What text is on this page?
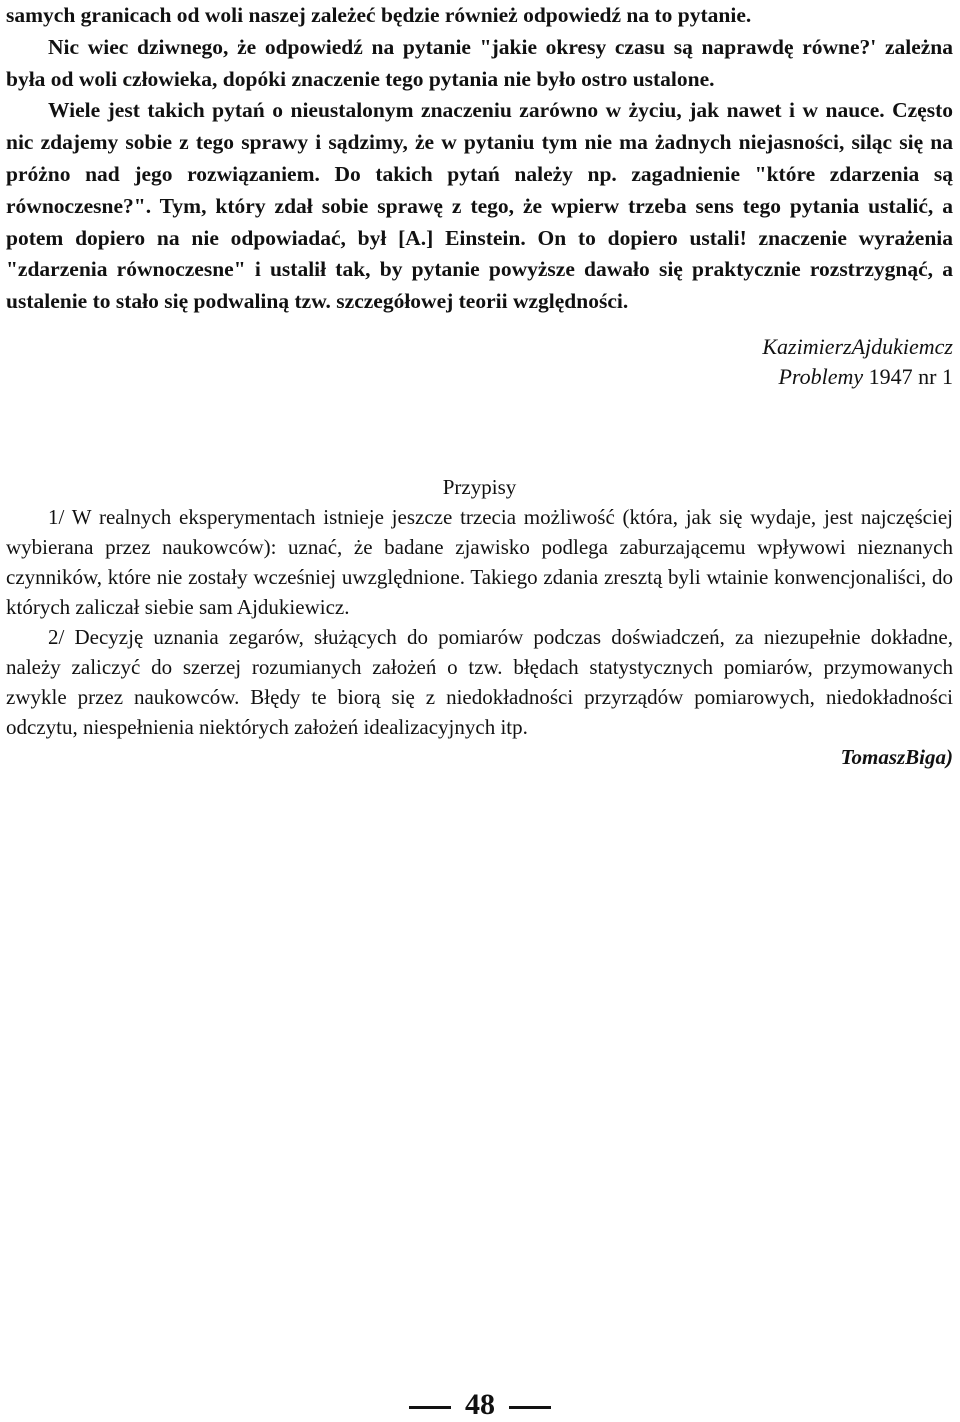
samych granicach od woli naszej zależeć będzie również odpowiedź na to pytanie.

Nic wiec dziwnego, że odpowiedź na pytanie "jakie okresy czasu są naprawdę równe?' zależna była od woli człowieka, dopóki znaczenie tego pytania nie było ostro ustalone.

Wiele jest takich pytań o nieustalonym znaczeniu zarówno w życiu, jak nawet i w nauce. Często nic zdajemy sobie z tego sprawy i sądzimy, że w pytaniu tym nie ma żadnych niejasności, siląc się na próżno nad jego rozwiązaniem. Do takich pytań należy np. zagadnienie "które zdarzenia są równoczesne?". Tym, który zdał sobie sprawę z tego, że wpierw trzeba sens tego pytania ustalić, a potem dopiero na nie odpowiadać, był [A.] Einstein. On to dopiero ustali! znaczenie wyrażenia "zdarzenia równoczesne" i ustalił tak, by pytanie powyższe dawało się praktycznie rozstrzygnąć, a ustalenie to stało się podwaliną tzw. szczegółowej teorii względności.

KazimierzAjdukiemcz
Problemy 1947 nr 1
Przypisy

1/ W realnych eksperymentach istnieje jeszcze trzecia możliwość (która, jak się wydaje, jest najczęściej wybierana przez naukowców): uznać, że badane zjawisko podlega zaburzającemu wpływowi nieznanych czynników, które nie zostały wcześniej uwzględnione. Takiego zdania zresztą byli wtainie konwencjonaliści, do których zaliczał siebie sam Ajdukiewicz.

2/ Decyzję uznania zegarów, służących do pomiarów podczas doświadczeń, za niezupełnie dokładne, należy zaliczyć do szerzej rozumianych założeń o tzw. błędach statystycznych pomiarów, przymowanych zwykle przez naukowców. Błędy te biorą się z niedokładności przyrządów pomiarowych, niedokładności odczytu, niespełnienia niektórych założeń idealizacyjnych itp.

TomaszBiga)
48
